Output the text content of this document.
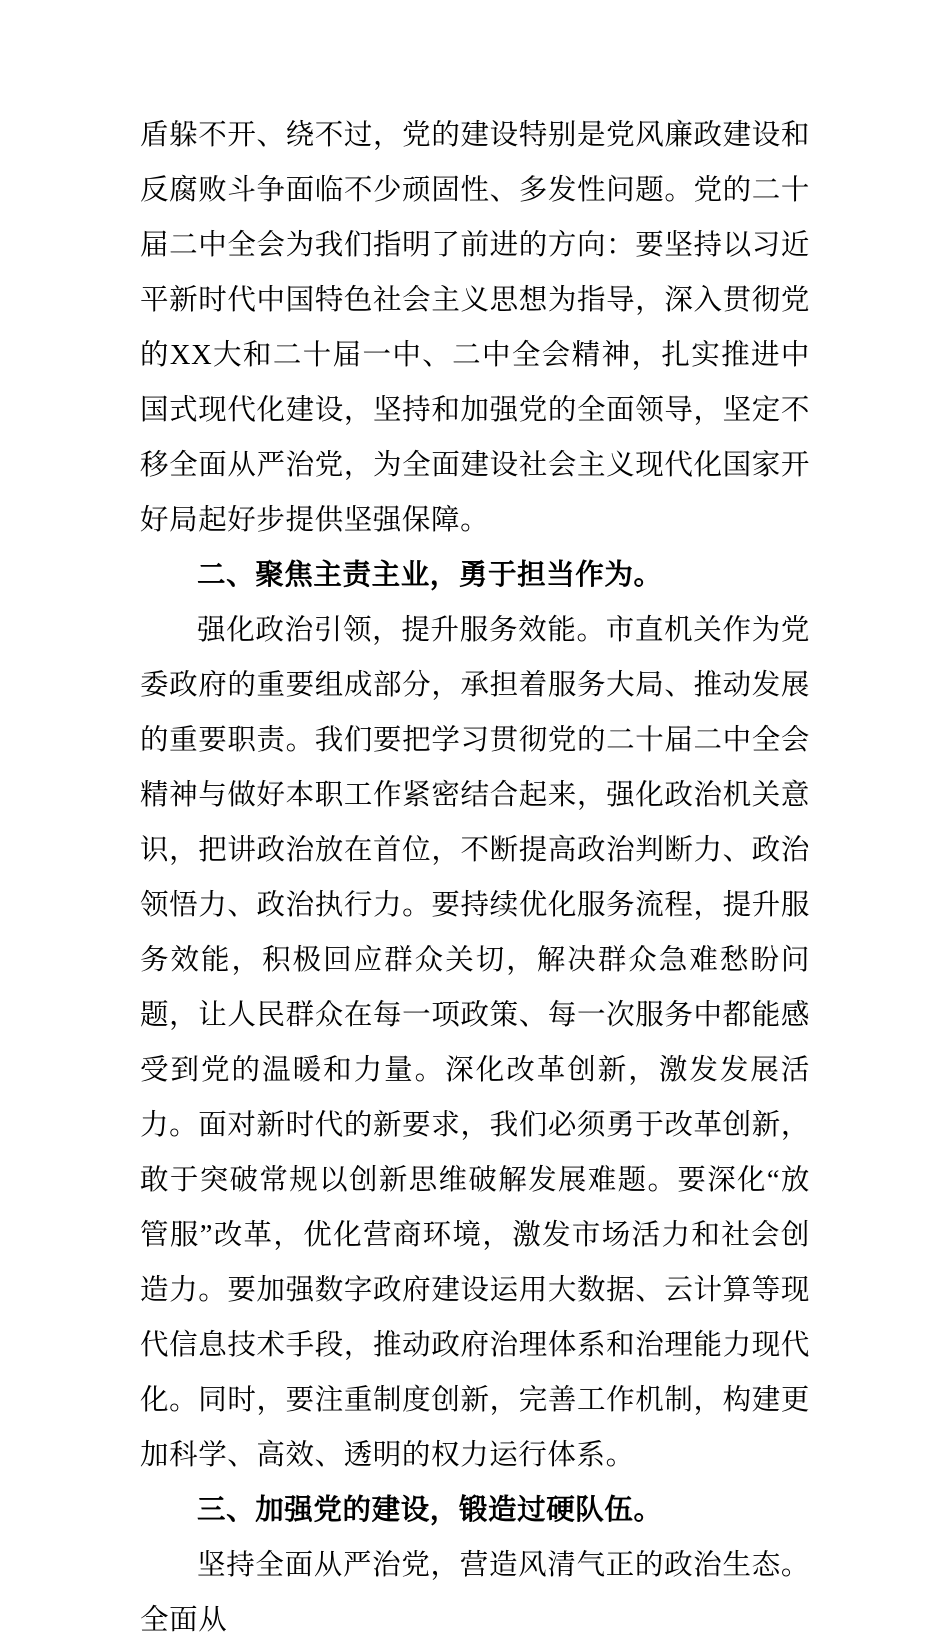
盾躲不开、绕不过，党的建设特别是党风廉政建设和反腐败斗争面临不少顽固性、多发性问题。党的二十届二中全会为我们指明了前进的方向：要坚持以习近平新时代中国特色社会主义思想为指导，深入贯彻党的XX大和二十届一中、二中全会精神，扎实推进中国式现代化建设，坚持和加强党的全面领导，坚定不移全面从严治党，为全面建设社会主义现代化国家开好局起好步提供坚强保障。

二、聚焦主责主业，勇于担当作为。

强化政治引领，提升服务效能。市直机关作为党委政府的重要组成部分，承担着服务大局、推动发展的重要职责。我们要把学习贯彻党的二十届二中全会精神与做好本职工作紧密结合起来，强化政治机关意识，把讲政治放在首位，不断提高政治判断力、政治领悟力、政治执行力。要持续优化服务流程，提升服务效能，积极回应群众关切，解决群众急难愁盼问题，让人民群众在每一项政策、每一次服务中都能感受到党的温暖和力量。深化改革创新，激发发展活力。面对新时代的新要求，我们必须勇于改革创新，敢于突破常规以创新思维破解发展难题。要深化“放管服”改革，优化营商环境，激发市场活力和社会创造力。要加强数字政府建设运用大数据、云计算等现代信息技术手段，推动政府治理体系和治理能力现代化。同时，要注重制度创新，完善工作机制，构建更加科学、高效、透明的权力运行体系。

三、加强党的建设，锻造过硬队伍。

坚持全面从严治党，营造风清气正的政治生态。全面从
